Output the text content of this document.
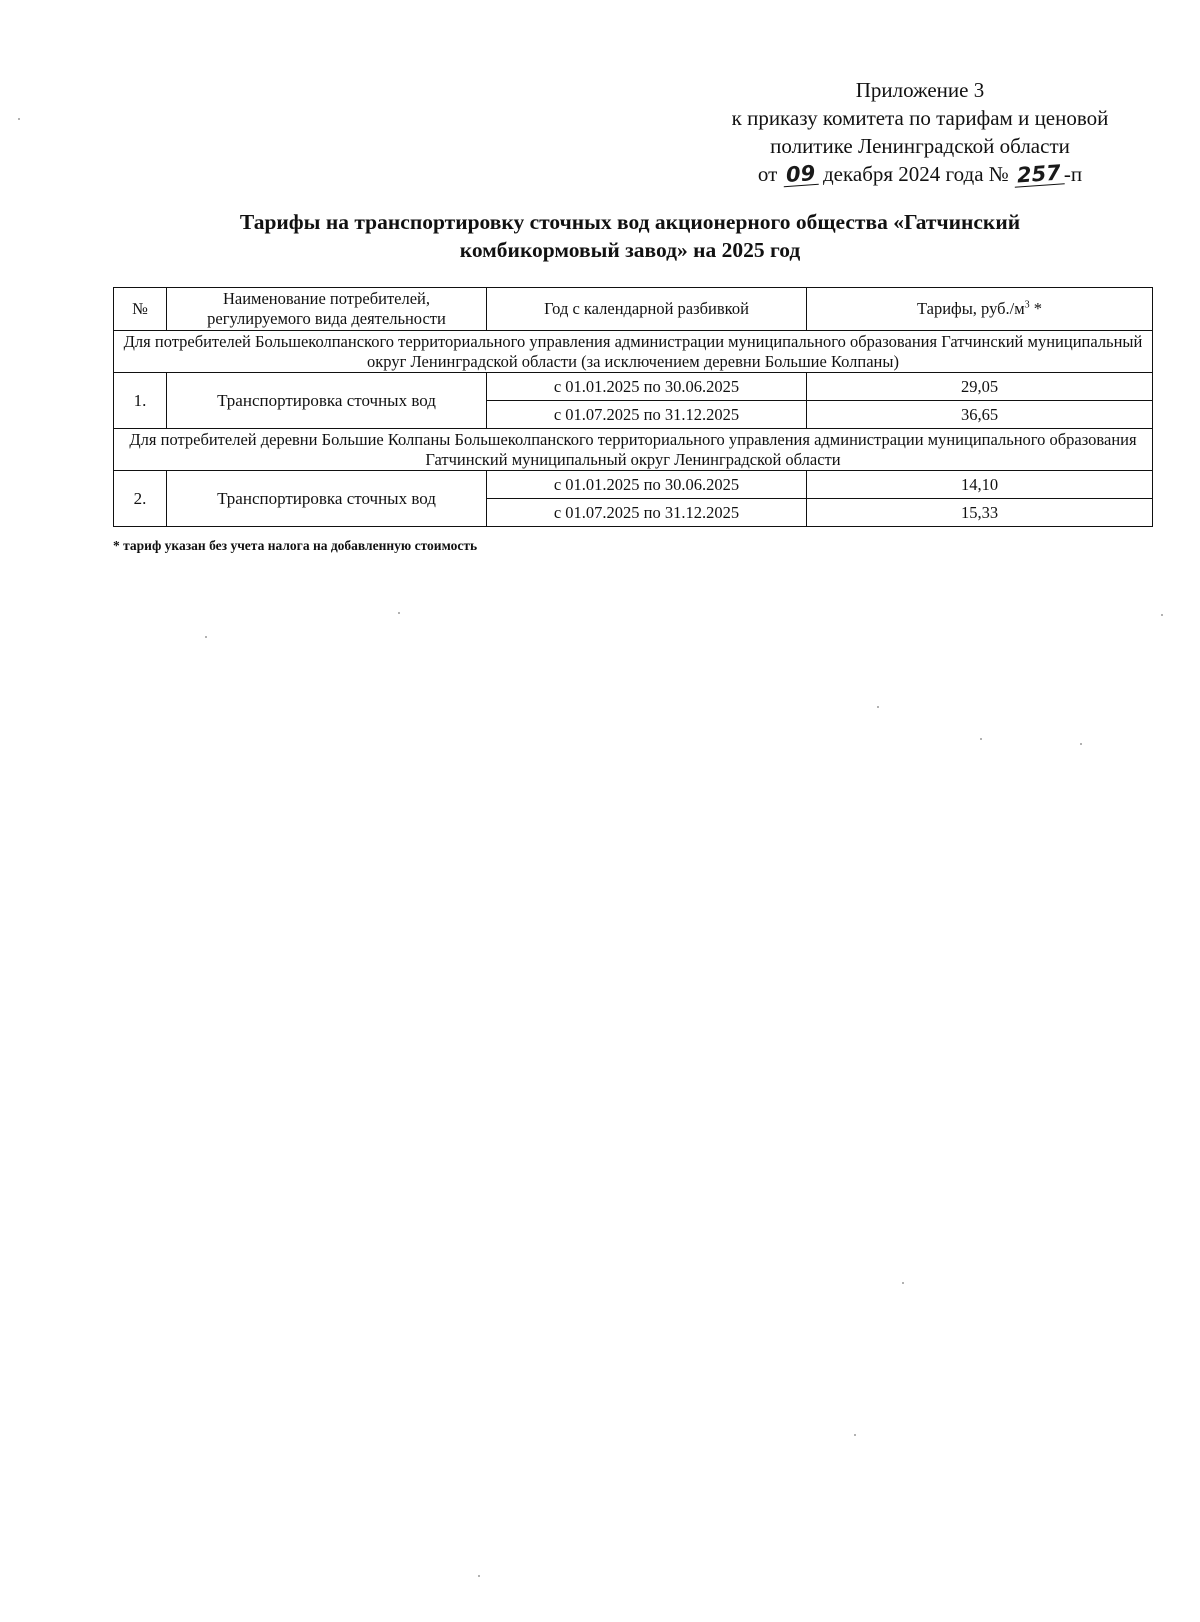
Приложение 3
к приказу комитета по тарифам и ценовой
политике Ленинградской области
от 09 декабря 2024 года № 257 -п
Тарифы на транспортировку сточных вод акционерного общества «Гатчинский
комбикормовый завод» на 2025 год
№	Наименование потребителей, регулируемого вида деятельности	Год с календарной разбивкой	Тарифы, $руб./м^3$ *
Для потребителей Большеколпанского территориального управления администрации муниципального образования Гатчинский муниципальный округ Ленинградской области (за исключением деревни Большие Колпаны)			
1.	Транспортировка сточных вод	с 01.01.2025 по 30.06.2025	29,05
		с 01.07.2025 по 31.12.2025	36,65
Для потребителей деревни Большие Колпаны Большеколпанского территориального управления администрации муниципального образования Гатчинский муниципальный округ Ленинградской области			
2.	Транспортировка сточных вод	с 01.01.2025 по 30.06.2025	14,10
		с 01.07.2025 по 31.12.2025	15,33
* тариф указан без учета налога на добавленную стоимость
